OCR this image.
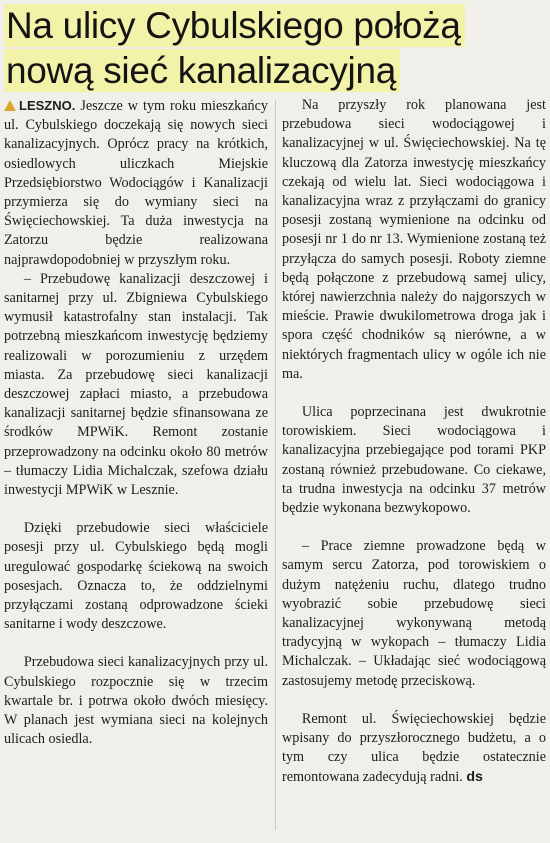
Na ulicy Cybulskiego położą
nową sieć kanalizacyjną

LESZNO. Jeszcze w tym roku mieszkańcy ul. Cybulskiego doczekają się nowych sieci kanalizacyjnych. Oprócz pracy na krótkich, osiedlowych uliczkach Miejskie Przedsiębiorstwo Wodociągów i Kanalizacji przymierza się do wymiany sieci na Święciechowskiej. Ta duża inwestycja na Zatorzu będzie realizowana najprawdopodobniej w przyszłym roku.

– Przebudowę kanalizacji deszczowej i sanitarnej przy ul. Zbigniewa Cybulskiego wymusił katastrofalny stan instalacji. Tak potrzebną mieszkańcom inwestycję będziemy realizowali w porozumieniu z urzędem miasta. Za przebudowę sieci kanalizacji deszczowej zapłaci miasto, a przebudowa kanalizacji sanitarnej będzie sfinansowana ze środków MPWiK. Remont zostanie przeprowadzony na odcinku około 80 metrów – tłumaczy Lidia Michalczak, szefowa działu inwestycji MPWiK w Lesznie.

Dzięki przebudowie sieci właściciele posesji przy ul. Cybulskiego będą mogli uregulować gospodarkę ściekową na swoich posesjach. Oznacza to, że oddzielnymi przyłączami zostaną odprowadzone ścieki sanitarne i wody deszczowe.

Przebudowa sieci kanalizacyjnych przy ul. Cybulskiego rozpocznie się w trzecim kwartale br. i potrwa około dwóch miesięcy. W planach jest wymiana sieci na kolejnych ulicach osiedla.

Na przyszły rok planowana jest przebudowa sieci wodociągowej i kanalizacyjnej w ul. Święciechowskiej. Na tę kluczową dla Zatorza inwestycję mieszkańcy czekają od wielu lat. Sieci wodociągowa i kanalizacyjna wraz z przyłączami do granicy posesji zostaną wymienione na odcinku od posesji nr 1 do nr 13. Wymienione zostaną też przyłącza do samych posesji. Roboty ziemne będą połączone z przebudową samej ulicy, której nawierzchnia należy do najgorszych w mieście. Prawie dwukilometrowa droga jak i spora część chodników są nierówne, a w niektórych fragmentach ulicy w ogóle ich nie ma.

Ulica poprzecinana jest dwukrotnie torowiskiem. Sieci wodociągowa i kanalizacyjna przebiegające pod torami PKP zostaną również przebudowane. Co ciekawe, ta trudna inwestycja na odcinku 37 metrów będzie wykonana bezwykopowo.

– Prace ziemne prowadzone będą w samym sercu Zatorza, pod torowiskiem o dużym natężeniu ruchu, dlatego trudno wyobrazić sobie przebudowę sieci kanalizacyjnej wykonywaną metodą tradycyjną w wykopach – tłumaczy Lidia Michalczak. – Układając sieć wodociągową zastosujemy metodę przeciskową.

Remont ul. Święciechowskiej będzie wpisany do przyszłorocznego budżetu, a o tym czy ulica będzie ostatecznie remontowana zadecydują radni. ds
